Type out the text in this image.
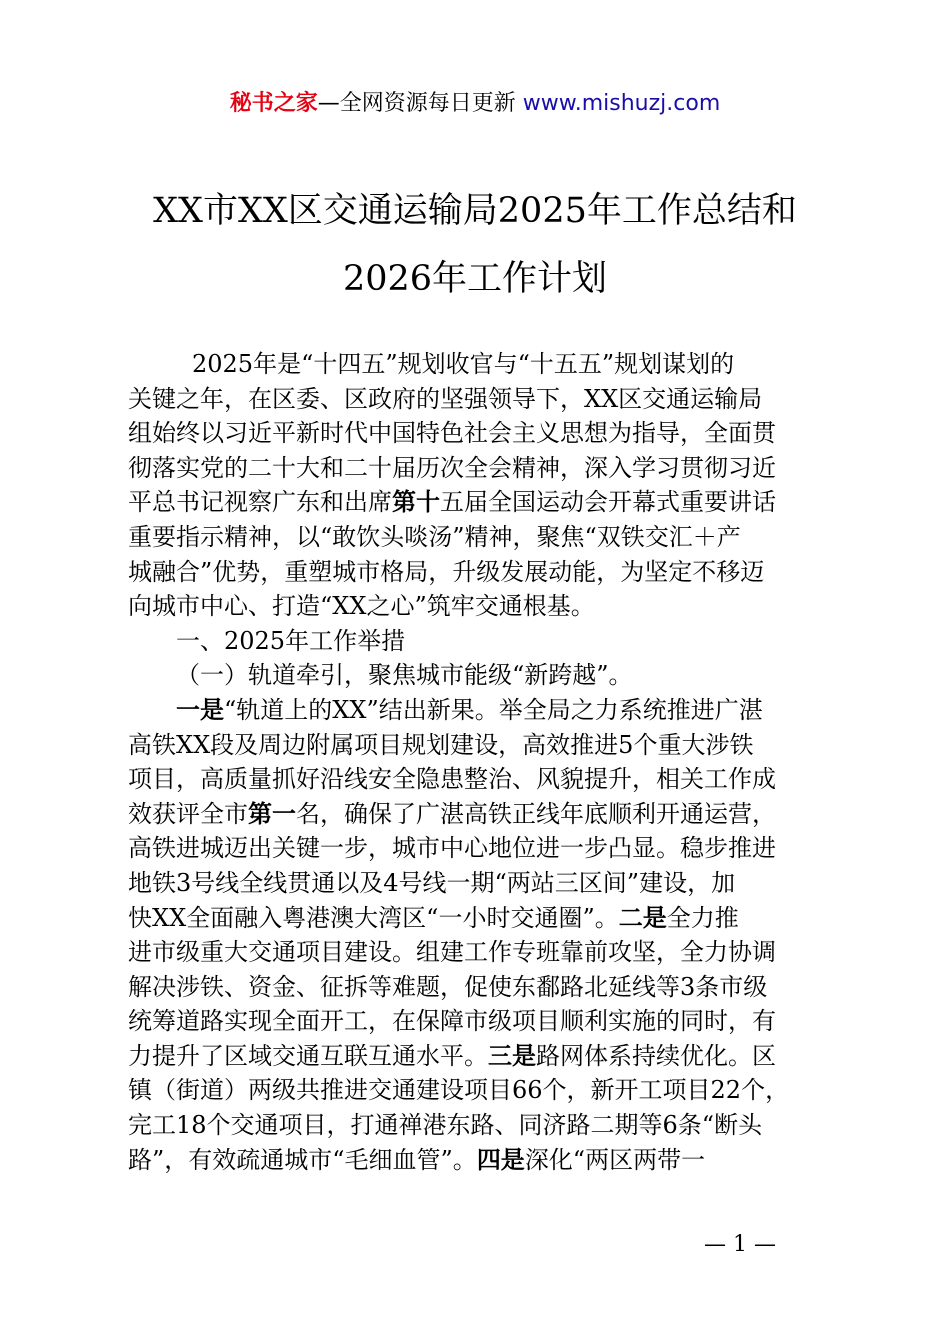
秘书之家—全网资源每日更新 www.mishuzj.com
XX市XX区交通运输局2025年工作总结和
2026年工作计划
2025年是“十四五”规划收官与“十五五”规划谋划的
关键之年，在区委、区政府的坚强领导下，XX区交通运输局
组始终以习近平新时代中国特色社会主义思想为指导，全面贯
彻落实党的二十大和二十届历次全会精神，深入学习贯彻习近
平总书记视察广东和出席第十五届全国运动会开幕式重要讲话
重要指示精神，以“敢饮头啖汤”精神，聚焦“双铁交汇＋产
城融合”优势，重塑城市格局，升级发展动能，为坚定不移迈
向城市中心、打造“XX之心”筑牢交通根基。
一、2025年工作举措
（一）轨道牵引，聚焦城市能级“新跨越”。
一是“轨道上的XX”结出新果。举全局之力系统推进广湛
高铁XX段及周边附属项目规划建设，高效推进5个重大涉铁
项目，高质量抓好沿线安全隐患整治、风貌提升，相关工作成
效获评全市第一名，确保了广湛高铁正线年底顺利开通运营，
高铁进城迈出关键一步，城市中心地位进一步凸显。稳步推进
地铁3号线全线贯通以及4号线一期“两站三区间”建设，加
快XX全面融入粤港澳大湾区“一小时交通圈”。二是全力推
进市级重大交通项目建设。组建工作专班靠前攻坚，全力协调
解决涉铁、资金、征拆等难题，促使东鄱路北延线等3条市级
统筹道路实现全面开工，在保障市级项目顺利实施的同时，有
力提升了区域交通互联互通水平。三是路网体系持续优化。区
镇（街道）两级共推进交通建设项目66个，新开工项目22个，
完工18个交通项目，打通禅港东路、同济路二期等6条“断头
路”，有效疏通城市“毛细血管”。四是深化“两区两带一
— 1 —
